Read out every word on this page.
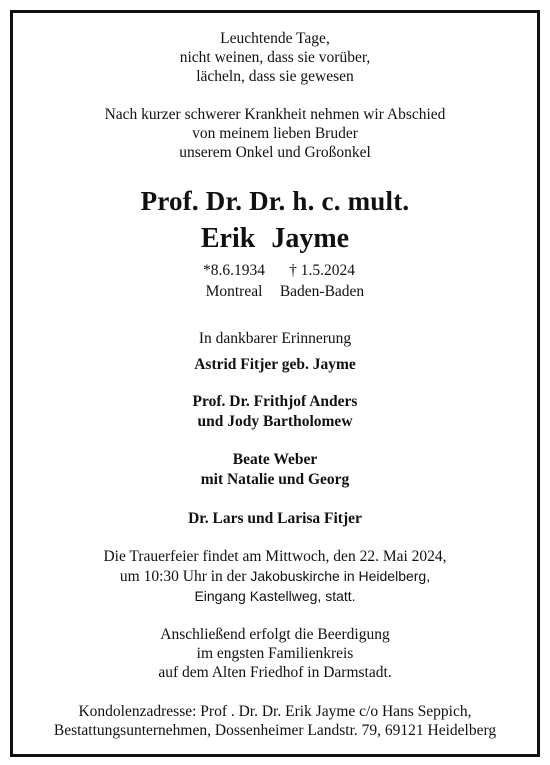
Leuchtende Tage,
nicht weinen, dass sie vorüber,
lächeln, dass sie gewesen
Nach kurzer schwerer Krankheit nehmen wir Abschied
von meinem lieben Bruder
unserem Onkel und Großonkel
Prof. Dr. Dr. h. c. mult.
Erik Jayme
*8.6.1934
Montreal
† 1.5.2024
Baden-Baden
In dankbarer Erinnerung
Astrid Fitjer geb. Jayme
Prof. Dr. Frithjof Anders
und Jody Bartholomew
Beate Weber
mit Natalie und Georg
Dr. Lars und Larisa Fitjer
Die Trauerfeier findet am Mittwoch, den 22. Mai 2024,
um 10:30 Uhr in der Jakobuskirche in Heidelberg,
Eingang Kastellweg, statt.
Anschließend erfolgt die Beerdigung
im engsten Familienkreis
auf dem Alten Friedhof in Darmstadt.
Kondolenzadresse: Prof . Dr. Dr. Erik Jayme c/o Hans Seppich,
Bestattungsunternehmen, Dossenheimer Landstr. 79, 69121 Heidelberg
